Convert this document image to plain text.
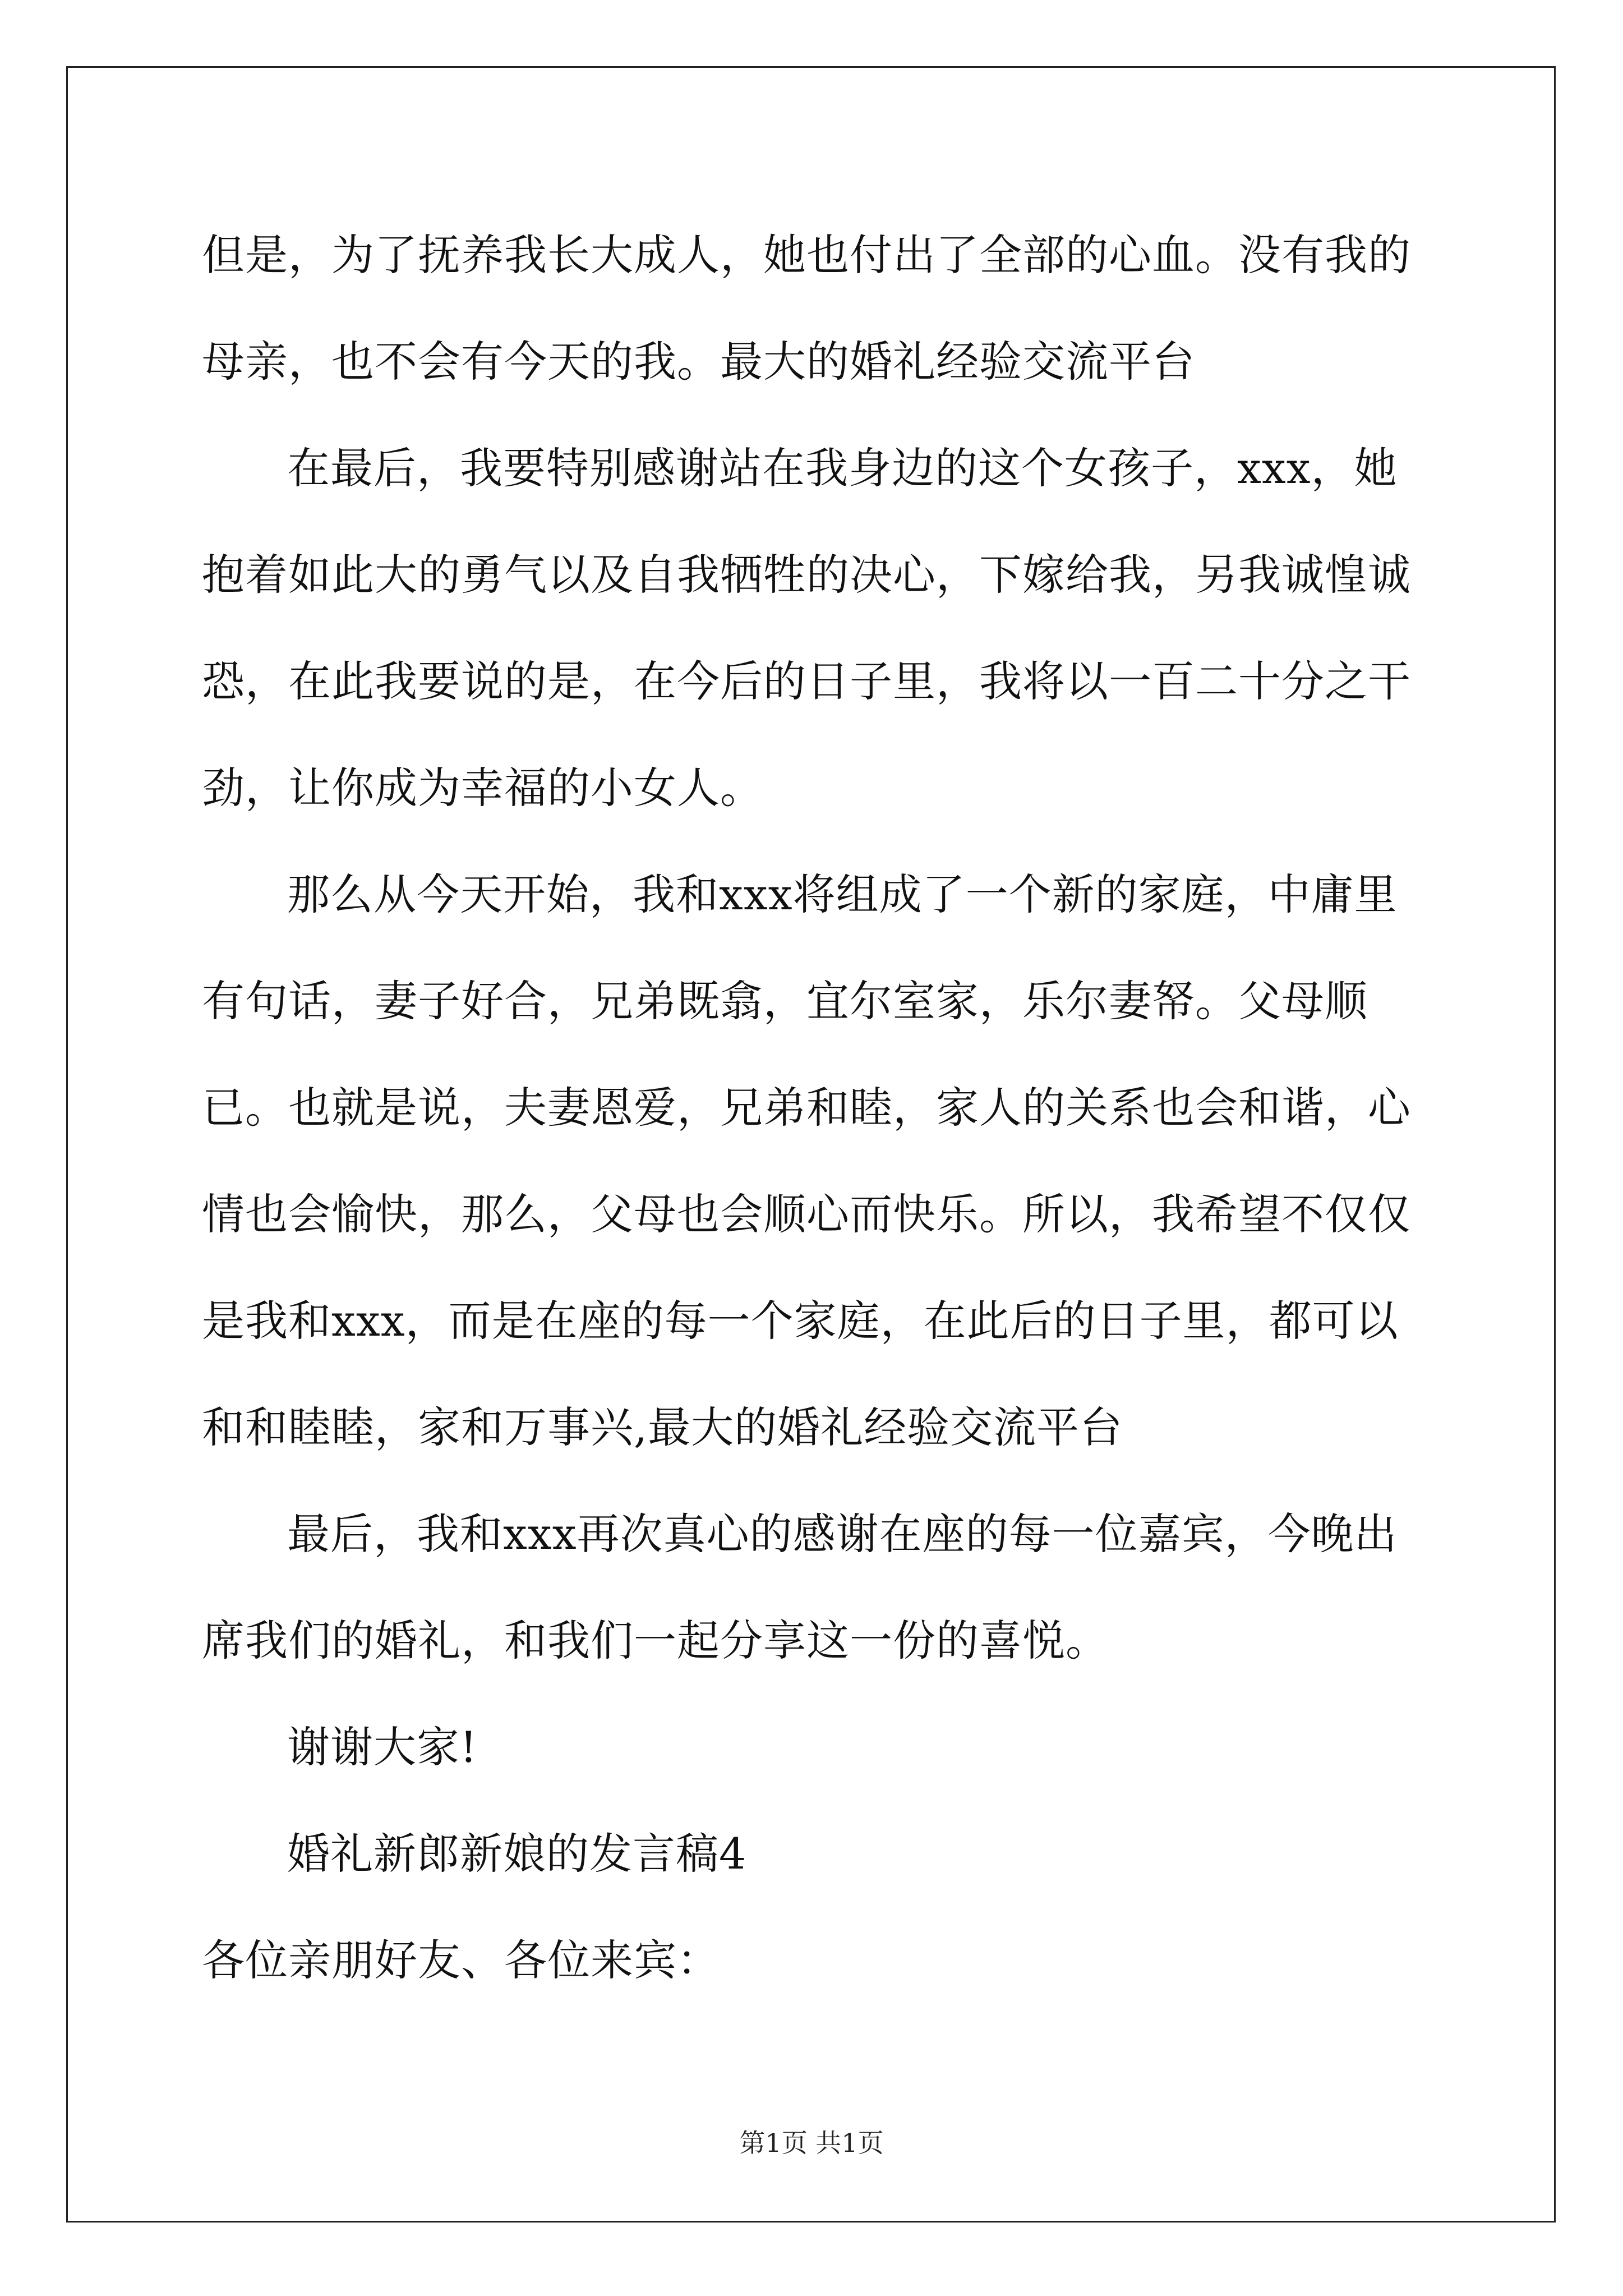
但是，为了抚养我长大成人，她也付出了全部的心血。没有我的母亲，也不会有今天的我。最大的婚礼经验交流平台

在最后，我要特别感谢站在我身边的这个女孩子，xxx，她抱着如此大的勇气以及自我牺牲的决心，下嫁给我，另我诚惶诚恐，在此我要说的是，在今后的日子里，我将以一百二十分之干劲，让你成为幸福的小女人。

那么从今天开始，我和xxx将组成了一个新的家庭，中庸里有句话，妻子好合，兄弟既翕，宜尔室家，乐尔妻帑。父母顺已。也就是说，夫妻恩爱，兄弟和睦，家人的关系也会和谐，心情也会愉快，那么，父母也会顺心而快乐。所以，我希望不仅仅是我和xxx，而是在座的每一个家庭，在此后的日子里，都可以和和睦睦，家和万事兴,最大的婚礼经验交流平台

最后，我和xxx再次真心的感谢在座的每一位嘉宾，今晚出席我们的婚礼，和我们一起分享这一份的喜悦。

谢谢大家!

婚礼新郎新娘的发言稿4

各位亲朋好友、各位来宾：

第1页 共1页
